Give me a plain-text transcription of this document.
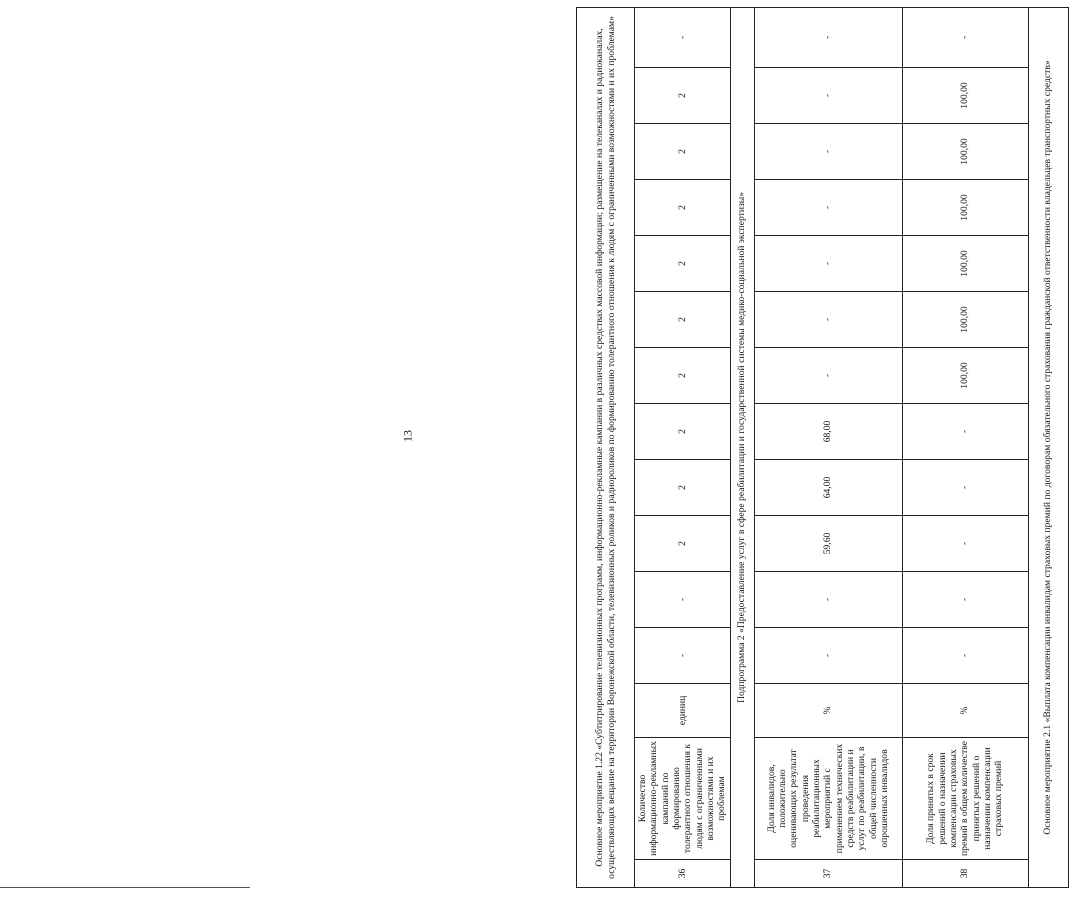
13	Основное мероприятие 1.22 «Субтитрирование телевизионных программ, информационно-рекламные кампании в различных средствах массовой информации; размещение на телеканалах и радиоканалах, осуществляющих вещание на территории Воронежской области, телевизионных роликов и радиороликов по формированию толерантного отношения к людям с ограниченными возможностями и их проблемам»														
36	Количество информационно-рекламных кампаний по формированию толерантного отношения к людям с ограниченными возможностями и их проблемам	единиц	-	-	2	2	2	2	2	2	2	2	2	-
Подпрограмма 2 «Предоставление услуг в сфере реабилитации и государственной системы медико-социальной экспертизы»														
37	Доля инвалидов, положительно оценивающих результат проведения реабилитационных мероприятий с применением технических средств реабилитации и услуг по реабилитации, в общей численности опрошенных инвалидов	%	-	-	59,60	64,00	68,00	-	-	-	-	-	-	-
38	Доля принятых в срок решений о назначении компенсации страховых премий в общем количестве принятых решений о назначении компенсации страховых премий	%	-	-	-	-	-	100,00	100,00	100,00	100,00	100,00	100,00	-
Основное мероприятие 2.1 «Выплата компенсации инвалидам страховых премий по договорам обязательного страхования гражданской ответственности владельцев транспортных средств»														
